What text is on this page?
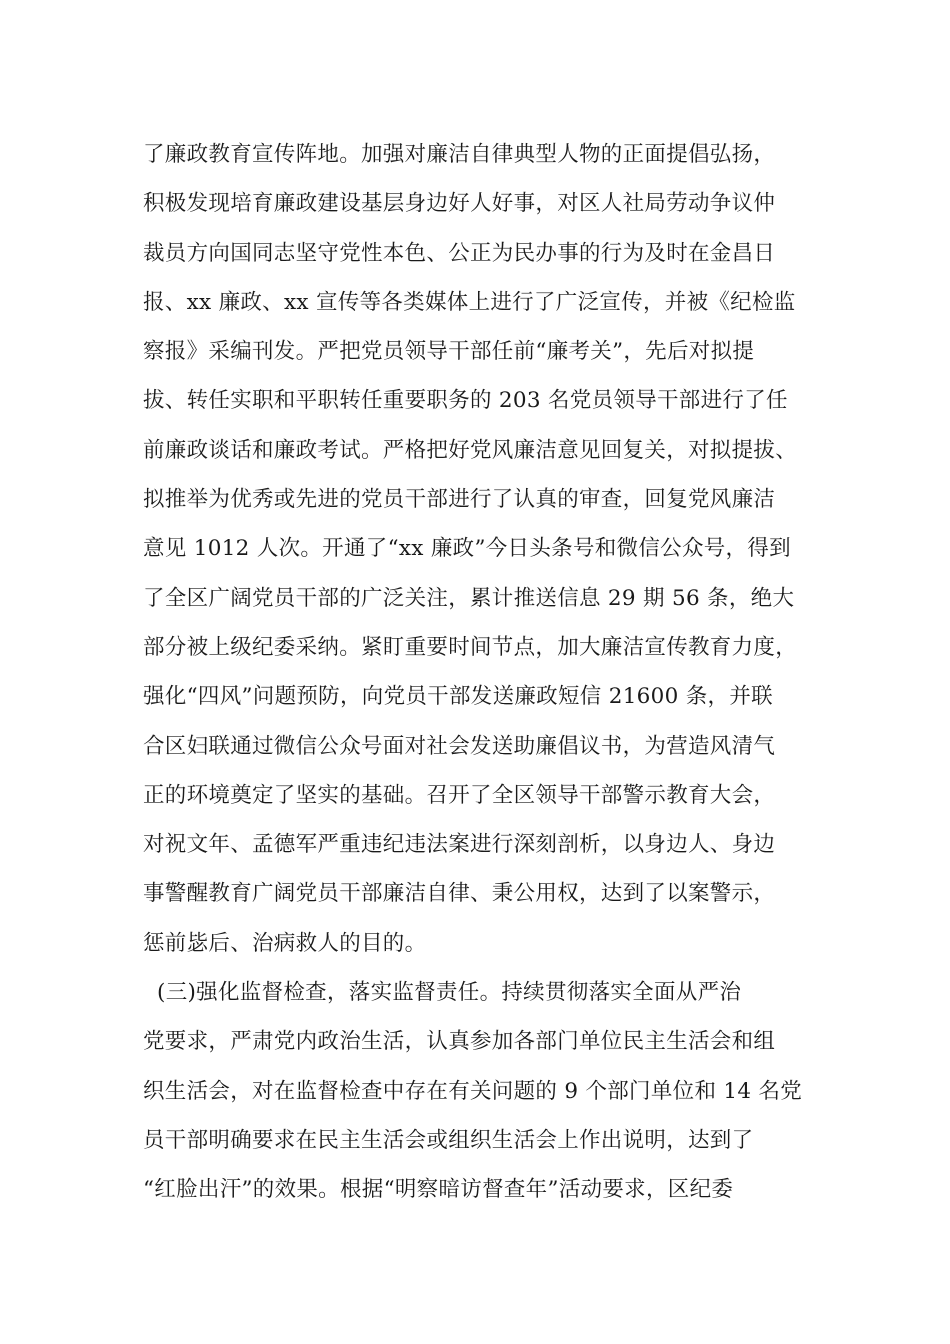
了廉政教育宣传阵地。加强对廉洁自律典型人物的正面提倡弘扬，
积极发现培育廉政建设基层身边好人好事，对区人社局劳动争议仲
裁员方向国同志坚守党性本色、公正为民办事的行为及时在金昌日
报、xx 廉政、xx 宣传等各类媒体上进行了广泛宣传，并被《纪检监
察报》采编刊发。严把党员领导干部任前“廉考关”，先后对拟提
拔、转任实职和平职转任重要职务的 203 名党员领导干部进行了任
前廉政谈话和廉政考试。严格把好党风廉洁意见回复关，对拟提拔、
拟推举为优秀或先进的党员干部进行了认真的审查，回复党风廉洁
意见 1012 人次。开通了“xx 廉政”今日头条号和微信公众号，得到
了全区广阔党员干部的广泛关注，累计推送信息 29 期 56 条，绝大
部分被上级纪委采纳。紧盯重要时间节点，加大廉洁宣传教育力度，
强化“四风”问题预防，向党员干部发送廉政短信 21600 条，并联
合区妇联通过微信公众号面对社会发送助廉倡议书，为营造风清气
正的环境奠定了坚实的基础。召开了全区领导干部警示教育大会，
对祝文年、孟德军严重违纪违法案进行深刻剖析，以身边人、身边
事警醒教育广阔党员干部廉洁自律、秉公用权，达到了以案警示，
惩前毖后、治病救人的目的。
(三)强化监督检查，落实监督责任。持续贯彻落实全面从严治
党要求，严肃党内政治生活，认真参加各部门单位民主生活会和组
织生活会，对在监督检查中存在有关问题的 9 个部门单位和 14 名党
员干部明确要求在民主生活会或组织生活会上作出说明，达到了
“红脸出汗”的效果。根据“明察暗访督查年”活动要求，区纪委
